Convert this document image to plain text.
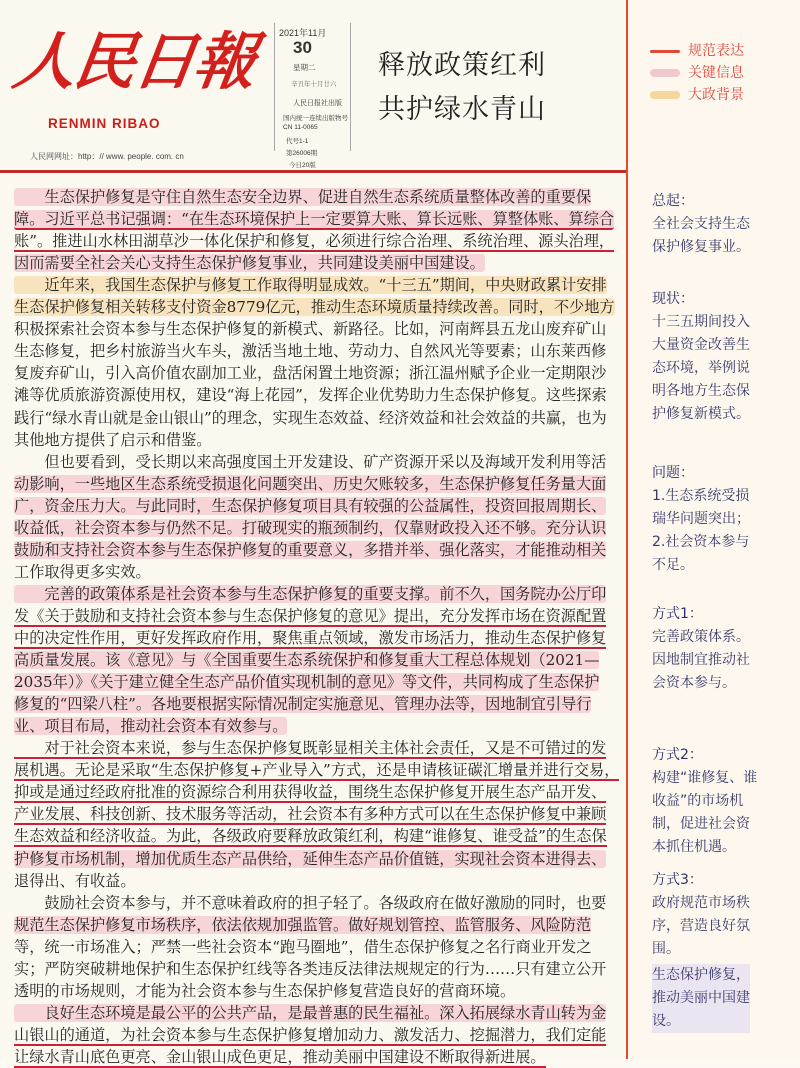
人民日報
RENMIN RIBAO
人民网网址：http：// www. people. com. cn
2021年11月
30
星期二
辛丑年十月廿六
人民日报社出版
国内统一连续出版物号
CN 11-0065
代号1-1
第26006期
今日20版
释放政策红利
共护绿水青山
　　生态保护修复是守住自然生态安全边界、促进自然生态系统质量整体改善的重要保
障。习近平总书记强调：“在生态环境保护上一定要算大账、算长远账、算整体账、算综合
账”。推进山水林田湖草沙一体化保护和修复，必须进行综合治理、系统治理、源头治理，
因而需要全社会关心支持生态保护修复事业，共同建设美丽中国建设。
　　近年来，我国生态保护与修复工作取得明显成效。“十三五”期间，中央财政累计安排
生态保护修复相关转移支付资金8779亿元，推动生态环境质量持续改善。同时，不少地方
积极探索社会资本参与生态保护修复的新模式、新路径。比如，河南辉县五龙山废弃矿山
生态修复，把乡村旅游当火车头，激活当地土地、劳动力、自然风光等要素；山东莱西修
复废弃矿山，引入高价值农副加工业，盘活闲置土地资源；浙江温州赋予企业一定期限沙
滩等优质旅游资源使用权，建设“海上花园”，发挥企业优势助力生态保护修复。这些探索
践行“绿水青山就是金山银山”的理念，实现生态效益、经济效益和社会效益的共赢，也为
其他地方提供了启示和借鉴。
　　但也要看到，受长期以来高强度国土开发建设、矿产资源开采以及海域开发利用等活
动影响，一些地区生态系统受损退化问题突出、历史欠账较多，生态保护修复任务量大面
广，资金压力大。与此同时，生态保护修复项目具有较强的公益属性，投资回报周期长、
收益低，社会资本参与仍然不足。打破现实的瓶颈制约，仅靠财政投入还不够。充分认识
鼓励和支持社会资本参与生态保护修复的重要意义，多措并举、强化落实，才能推动相关
工作取得更多实效。
　　完善的政策体系是社会资本参与生态保护修复的重要支撑。前不久，国务院办公厅印
发《关于鼓励和支持社会资本参与生态保护修复的意见》提出，充分发挥市场在资源配置
中的决定性作用，更好发挥政府作用，聚焦重点领域，激发市场活力，推动生态保护修复
高质量发展。该《意见》与《全国重要生态系统保护和修复重大工程总体规划（2021—
2035年）》《关于建立健全生态产品价值实现机制的意见》等文件，共同构成了生态保护
修复的“四梁八柱”。各地要根据实际情况制定实施意见、管理办法等，因地制宜引导行
业、项目布局，推动社会资本有效参与。
　　对于社会资本来说，参与生态保护修复既彰显相关主体社会责任，又是不可错过的发
展机遇。无论是采取“生态保护修复+产业导入”方式，还是申请核证碳汇增量并进行交易，
抑或是通过经政府批准的资源综合利用获得收益，围绕生态保护修复开展生态产品开发、
产业发展、科技创新、技术服务等活动，社会资本有多种方式可以在生态保护修复中兼顾
生态效益和经济收益。为此，各级政府要释放政策红利，构建“谁修复、谁受益”的生态保
护修复市场机制，增加优质生态产品供给，延伸生态产品价值链，实现社会资本进得去、
退得出、有收益。
　　鼓励社会资本参与，并不意味着政府的担子轻了。各级政府在做好激励的同时，也要
规范生态保护修复市场秩序，依法依规加强监管。做好规划管控、监管服务、风险防范
等，统一市场准入；严禁一些社会资本“跑马圈地”，借生态保护修复之名行商业开发之
实；严防突破耕地保护和生态保护红线等各类违反法律法规规定的行为……只有建立公开
透明的市场规则，才能为社会资本参与生态保护修复营造良好的营商环境。
　　良好生态环境是最公平的公共产品，是最普惠的民生福祉。深入拓展绿水青山转为金
山银山的通道，为社会资本参与生态保护修复增加动力、激发活力、挖掘潜力，我们定能
让绿水青山底色更亮、金山银山成色更足，推动美丽中国建设不断取得新进展。
规范表达
关键信息
大政背景
总起：
全社会支持生态
保护修复事业。
现状：
十三五期间投入
大量资金改善生
态环境，举例说
明各地方生态保
护修复新模式。
问题：
1.生态系统受损
瑞华问题突出；
2.社会资本参与
不足。
方式1：
完善政策体系。
因地制宜推动社
会资本参与。
方式2：
构建“谁修复、谁
收益”的市场机
制，促进社会资
本抓住机遇。
方式3：
政府规范市场秩
序，营造良好氛
围。
生态保护修复，
推动美丽中国建
设。
